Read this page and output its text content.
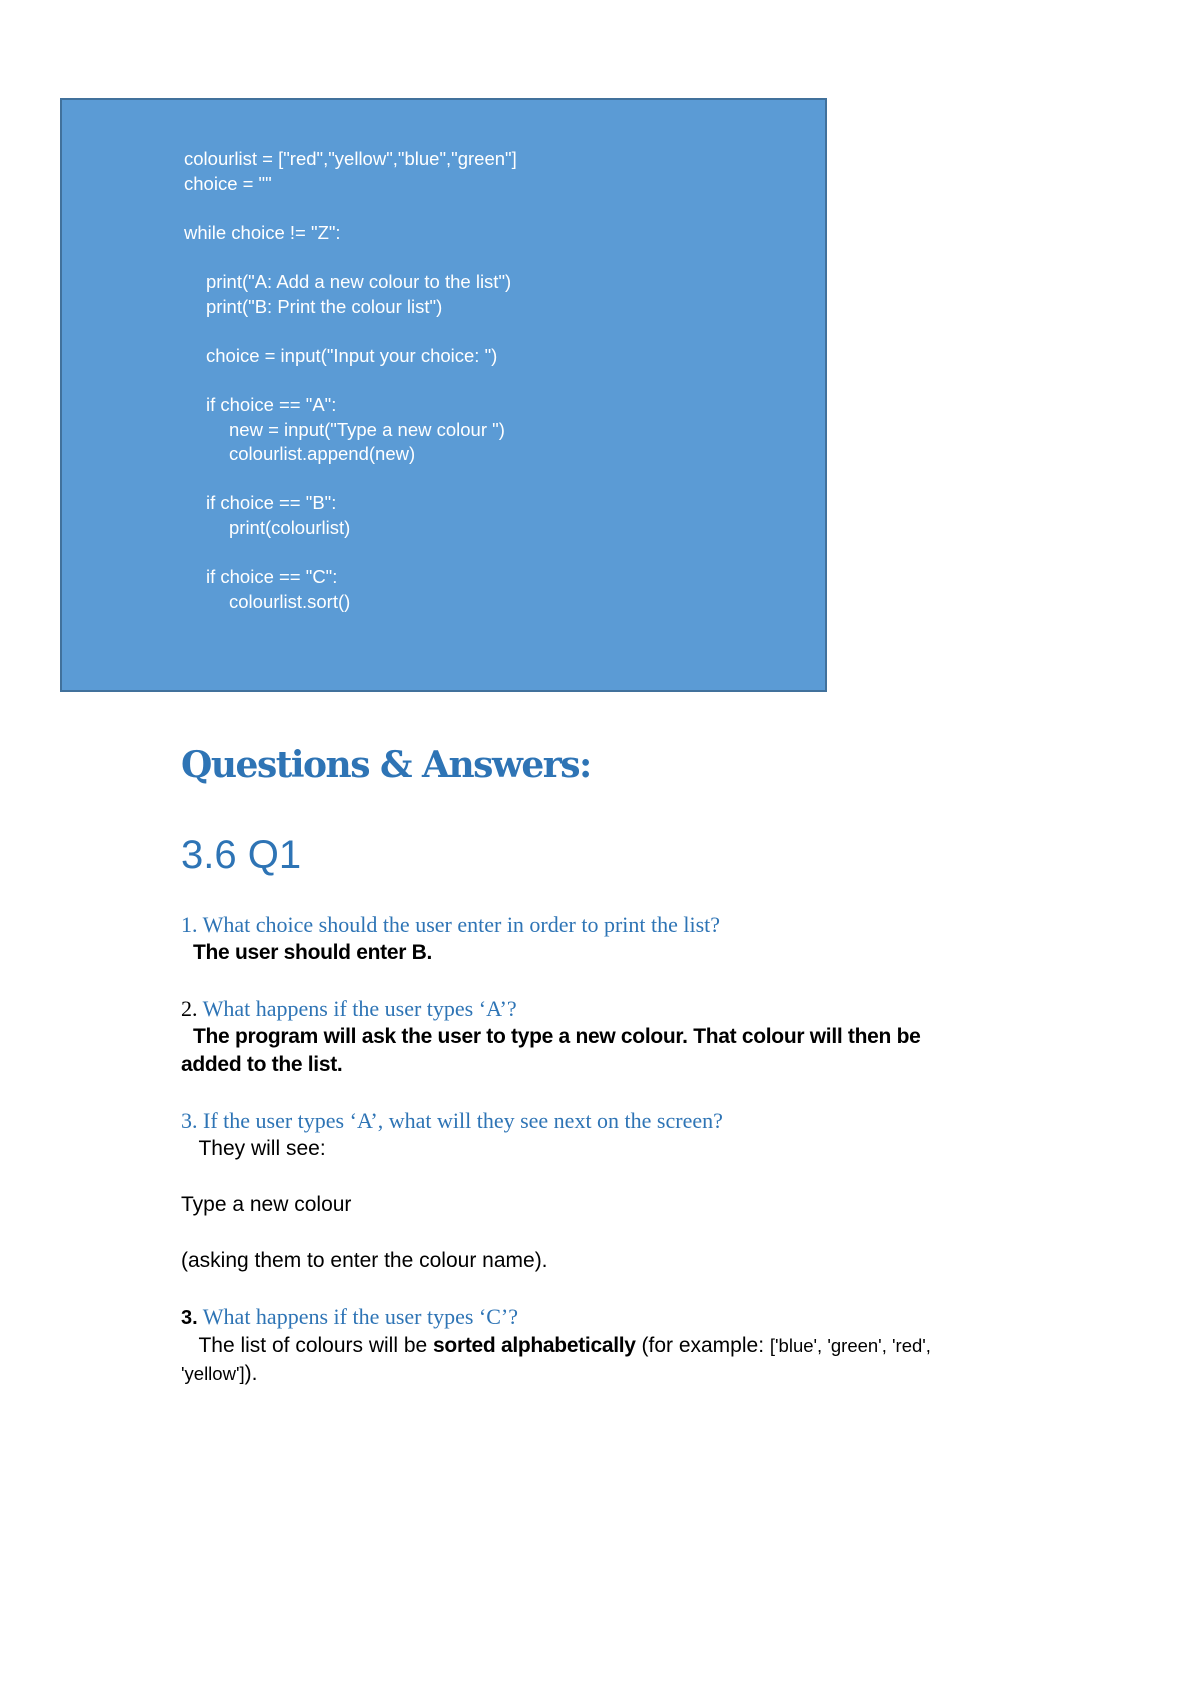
colourlist = ["red","yellow","blue","green"]
choice = ""
while choice != "Z":
print("A: Add a new colour to the list")
print("B: Print the colour list")
choice = input("Input your choice: ")
if choice == "A":
new = input("Type a new colour ")
colourlist.append(new)
if choice == "B":
print(colourlist)
if choice == "C":
colourlist.sort()
Questions & Answers:
3.6 Q1
1. What choice should the user enter in order to print the list?
The user should enter B.
2. What happens if the user types ‘A’?
The program will ask the user to type a new colour. That colour will then be added to the list.
3. If the user types ‘A’, what will they see next on the screen?
They will see:
Type a new colour
(asking them to enter the colour name).
3. What happens if the user types ‘C’?
The list of colours will be sorted alphabetically (for example: ['blue', 'green', 'red', 'yellow']).
